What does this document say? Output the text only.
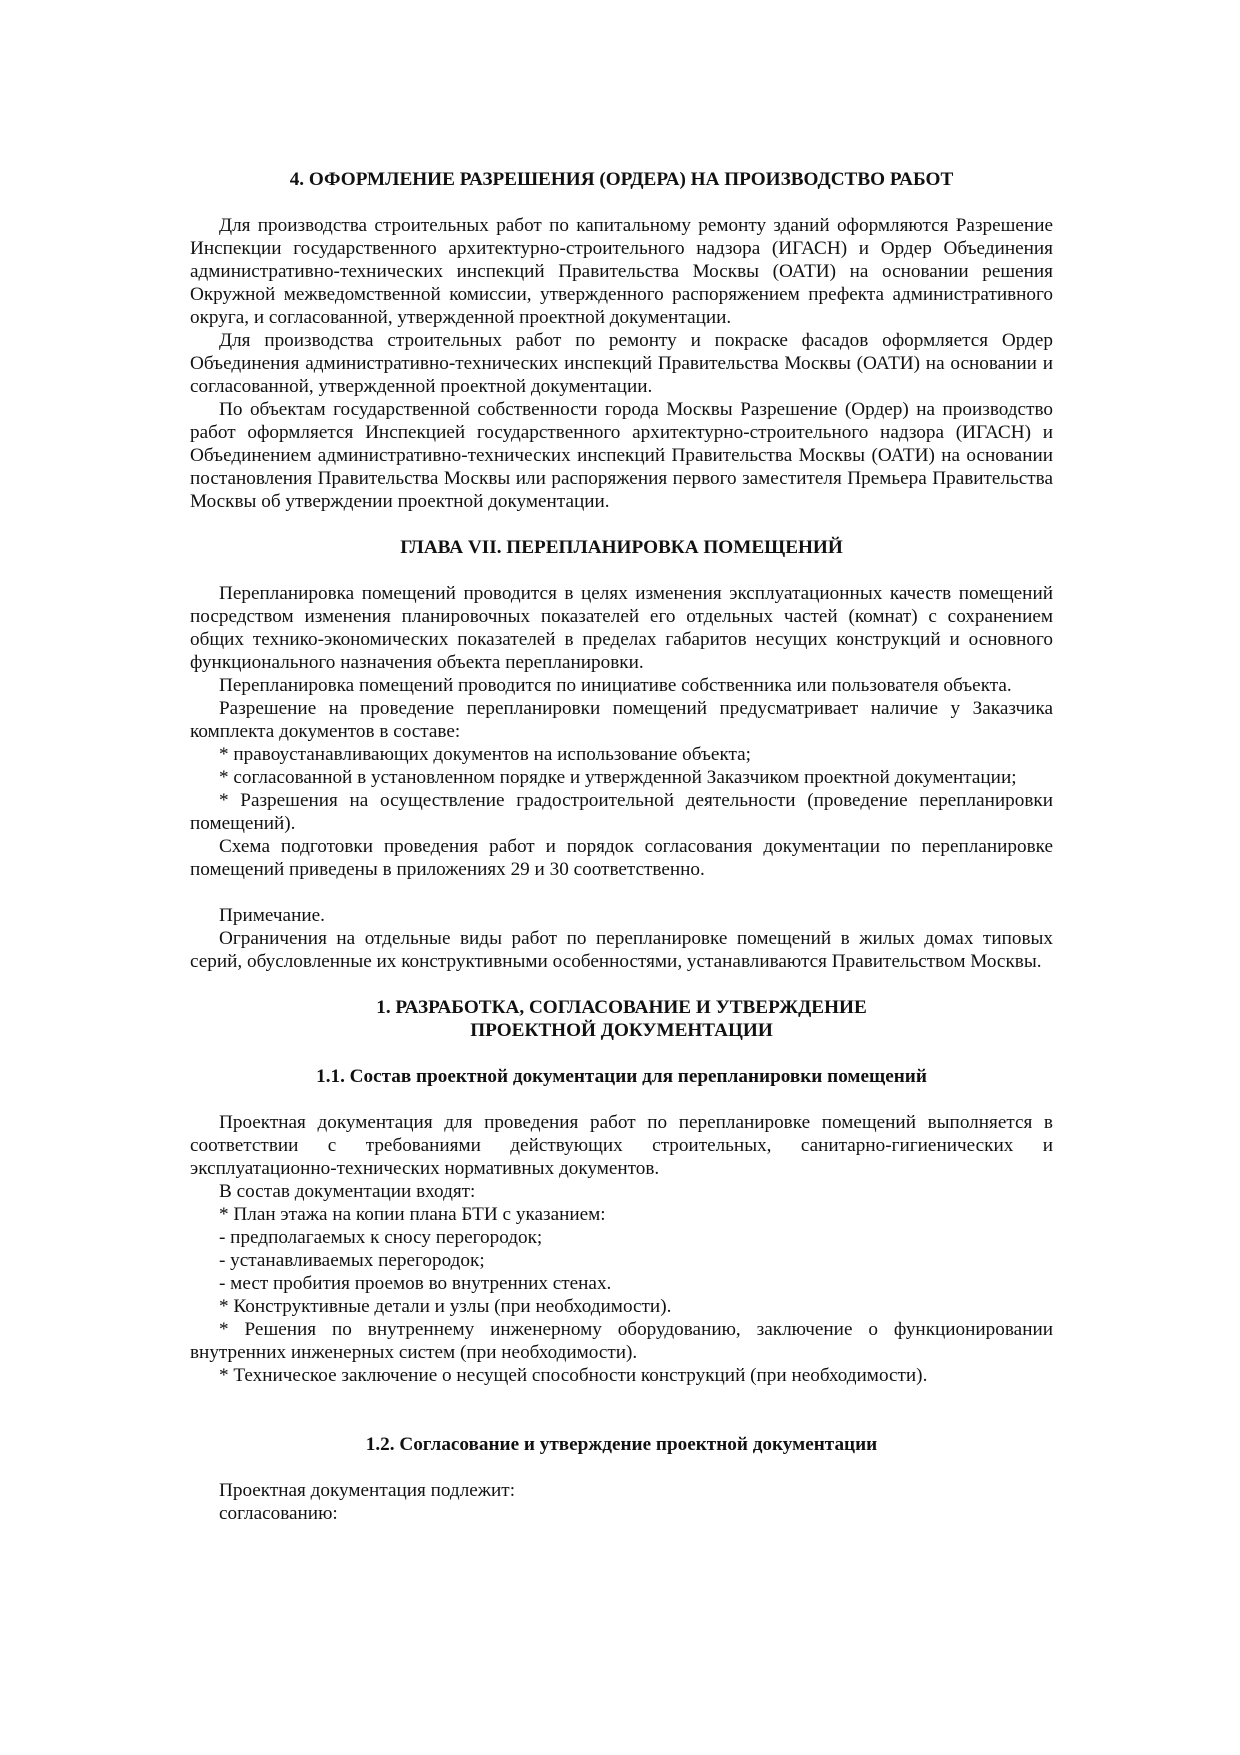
4. ОФОРМЛЕНИЕ РАЗРЕШЕНИЯ (ОРДЕРА) НА ПРОИЗВОДСТВО РАБОТ

Для производства строительных работ по капитальному ремонту зданий оформляются Разрешение Инспекции государственного архитектурно-строительного надзора (ИГАСН) и Ордер Объединения административно-технических инспекций Правительства Москвы (ОАТИ) на основании решения Окружной межведомственной комиссии, утвержденного распоряжением префекта административного округа, и согласованной, утвержденной проектной документации.

Для производства строительных работ по ремонту и покраске фасадов оформляется Ордер Объединения административно-технических инспекций Правительства Москвы (ОАТИ) на основании и согласованной, утвержденной проектной документации.

По объектам государственной собственности города Москвы Разрешение (Ордер) на производство работ оформляется Инспекцией государственного архитектурно-строительного надзора (ИГАСН) и Объединением административно-технических инспекций Правительства Москвы (ОАТИ) на основании постановления Правительства Москвы или распоряжения первого заместителя Премьера Правительства Москвы об утверждении проектной документации.

ГЛАВА VII. ПЕРЕПЛАНИРОВКА ПОМЕЩЕНИЙ

Перепланировка помещений проводится в целях изменения эксплуатационных качеств помещений посредством изменения планировочных показателей его отдельных частей (комнат) с сохранением общих технико-экономических показателей в пределах габаритов несущих конструкций и основного функционального назначения объекта перепланировки.

Перепланировка помещений проводится по инициативе собственника или пользователя объекта.

Разрешение на проведение перепланировки помещений предусматривает наличие у Заказчика комплекта документов в составе:

* правоустанавливающих документов на использование объекта;

* согласованной в установленном порядке и утвержденной Заказчиком проектной документации;

* Разрешения на осуществление градостроительной деятельности (проведение перепланировки помещений).

Схема подготовки проведения работ и порядок согласования документации по перепланировке помещений приведены в приложениях 29 и 30 соответственно.

Примечание.

Ограничения на отдельные виды работ по перепланировке помещений в жилых домах типовых серий, обусловленные их конструктивными особенностями, устанавливаются Правительством Москвы.

1. РАЗРАБОТКА, СОГЛАСОВАНИЕ И УТВЕРЖДЕНИЕ
ПРОЕКТНОЙ ДОКУМЕНТАЦИИ

1.1. Состав проектной документации для перепланировки помещений

Проектная документация для проведения работ по перепланировке помещений выполняется в соответствии с требованиями действующих строительных, санитарно-гигиенических и эксплуатационно-технических нормативных документов.

В состав документации входят:

* План этажа на копии плана БТИ с указанием:

- предполагаемых к сносу перегородок;

- устанавливаемых перегородок;

- мест пробития проемов во внутренних стенах.

* Конструктивные детали и узлы (при необходимости).

* Решения по внутреннему инженерному оборудованию, заключение о функционировании внутренних инженерных систем (при необходимости).

* Техническое заключение о несущей способности конструкций (при необходимости).

1.2. Согласование и утверждение проектной документации

Проектная документация подлежит:

согласованию:
